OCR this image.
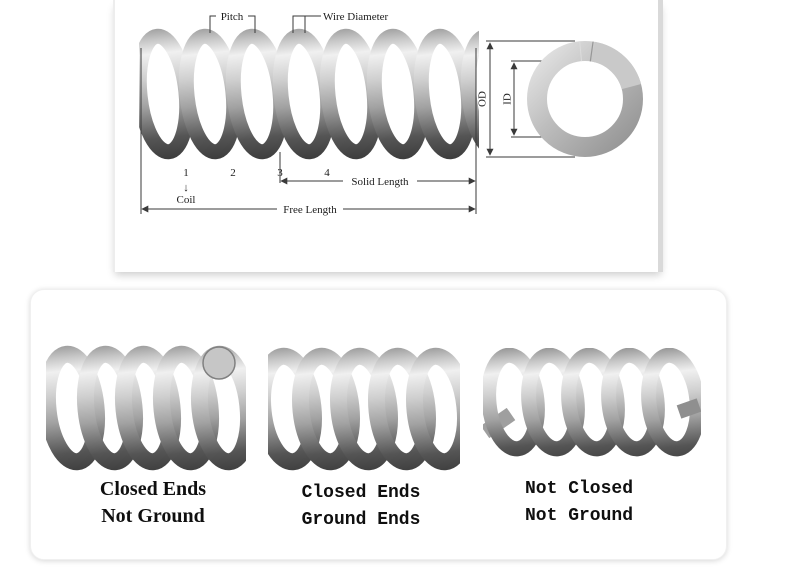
Pitch	Wire Diameter
1	2	3	4
↓
Coil
Solid Length
Free Length
OD ID
Closed Ends
Not Ground
Closed Ends
Ground Ends
Not Closed
Not Ground
